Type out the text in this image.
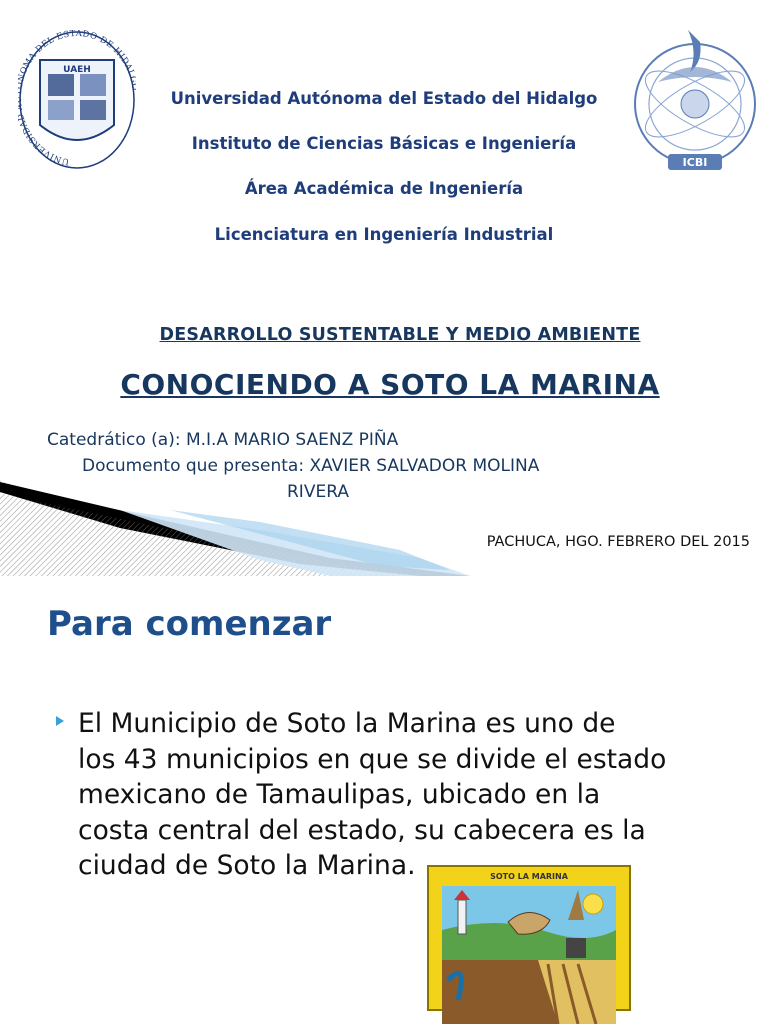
UNIVERSIDA OMA DEL ESTADO DE HIDAL
UAEH
ICBI
Universidad Autónoma del Estado del Hidalgo
Instituto de Ciencias Básicas e Ingeniería
Área Académica de Ingeniería
Licenciatura en Ingeniería Industrial
DESARROLLO SUSTENTABLE Y MEDIO AMBIENTE
CONOCIENDO A SOTO LA MARINA
Catedrático (a): M.I.A MARIO SAENZ PIÑA
Documento que presenta: XAVIER SALVADOR MOLINA
RIVERA
PACHUCA, HGO. FEBRERO DEL 2015
Para comenzar
El Municipio de Soto la Marina es uno de
los 43 municipios en que se divide el estado
mexicano de Tamaulipas, ubicado en la
costa central del estado, su cabecera es la
ciudad de Soto la Marina.	SOTO LA MARINA
